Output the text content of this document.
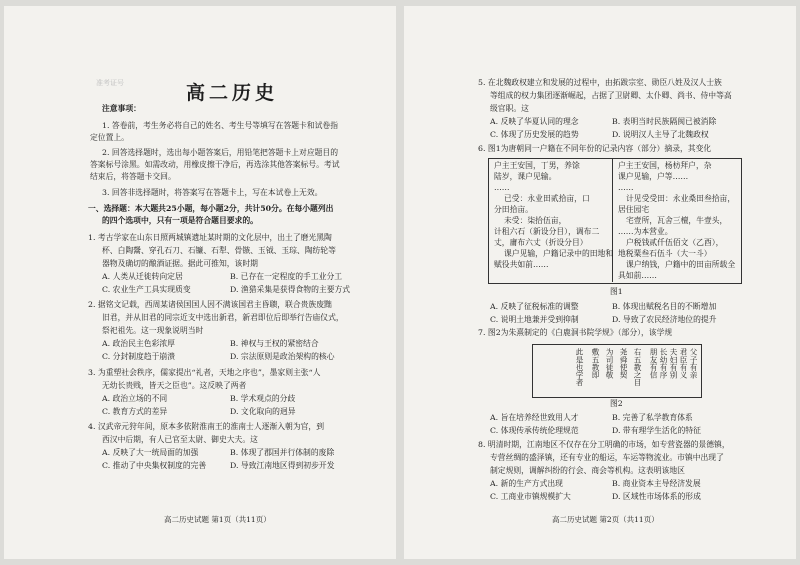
准考证号	高二历史
注意事项：
1. 答卷前，考生务必将自己的姓名、考生号等填写在答题卡和试卷指
定位置上。
2. 回答选择题时，选出每小题答案后，用铅笔把答题卡上对应题目的
答案标号涂黑。如需改动，用橡皮擦干净后，再选涂其他答案标号。考试
结束后，将答题卡交回。
3. 回答非选择题时，将答案写在答题卡上，写在本试卷上无效。
一、选择题：本大题共25小题，每小题2分，共计50分。在每小题列出
的四个选项中，只有一项是符合题目要求的。
1. 考古学家在山东日照两城镇遗址某时期的文化层中，出土了磨光黑陶
杯、白陶鬶、穿孔石刀、石镰、石犁、骨镞、玉钺、玉琮、陶纺轮等
器物及确切的酿酒证据。据此可推知，该时期
A. 人类从迁徙转向定居	B. 已存在一定程度的手工业分工
C. 农业生产工具实现质变	D. 渔猎采集是获得食物的主要方式
2. 据铭文记载，西周某诸侯国国人因不满该国君主昏聩，联合贵族废黜
旧君，并从旧君的同宗近支中选出新君，新君即位后即举行告庙仪式，
祭祀祖先。这一现象说明当时
A. 政治民主色彩浓厚	B. 神权与王权的紧密结合
C. 分封制度趋于崩溃	D. 宗法原则是政治架构的核心
3. 为重塑社会秩序，儒家提出“礼者，天地之序也”，墨家则主张“人
无幼长贵贱，皆天之臣也”。这反映了两者
A. 政治立场的不同	B. 学术观点的分歧
C. 教育方式的差异	D. 文化取向的迥异
4. 汉武帝元狩年间，原本多依附淮南王的淮南士人逐渐入朝为官，到
西汉中后期，有人已官至太尉、御史大夫。这
A. 反映了大一统局面的加强	B. 体现了郡国并行体制的废除
C. 推动了中央集权制度的完善	D. 导致江南地区得到初步开发
高二历史试题 第1页（共11页）
5. 在北魏政权建立和发展的过程中，由拓跋宗室、勋臣八姓及汉人士族
等组成的权力集团逐渐崛起，占据了卫尉卿、太仆卿、尚书、侍中等高
级官职。这
A. 反映了华夏认同的理念	B. 表明当时民族隔阂已被消除
C. 体现了历史发展的趋势	D. 说明汉人主导了北魏政权
6. 图1为唐朝同一户籍在不同年份的记录内容（部分）摘录，其变化
户主王安国，丁男，养馀
陆岁，课户见输。
……
已受：永业田贰拾亩，口
分田拾亩。
未受：柒拾伍亩，
计租六石（新设分目），调布二
丈，庸布六丈（折设分目）
课户见输，户籍记录中的田地和
赋役共如前……
户主王安国，杨枋拜户，杂
课户见输，户等……
……
计见受受田：永业桑田叁拾亩，
居住园宅
宅壹所，瓦舍三檀，牛壹头，
……为本营业。
户税钱贰仟伍佰文（乙酉），
地税粟叁石伍斗（大一斗）
课户纳钱，户籍中的田亩所载全
具如前……
图1
A. 反映了征税标准的调整	B. 体现出赋税名目的不断增加
C. 说明土地兼并受到抑制	D. 导致了农民经济地位的提升
7. 图2为朱熹制定的《白鹿洞书院学规》（部分），该学规
父子有亲
君臣有义
夫妇有别
长幼有序
朋友有信
右五教之目
尧舜使契
为司徒敬
敷五教即
此是也学者
图2
A. 旨在培养经世致用人才	B. 完善了私学教育体系
C. 体现传承传统伦理规范	D. 带有理学生活化的特征
8. 明清时期，江南地区不仅存在分工明确的市场，如专营瓷器的景德镇，
专营丝绸的盛泽镇，还有专业的船运，车运等物流业。市镇中出现了
制定规则，调解纠纷的行会、商会等机构。这表明该地区
A. 新的生产方式出现	B. 商业资本主导经济发展
C. 工商业市镇规模扩大	D. 区域性市场体系的形成
高二历史试题 第2页（共11页）
